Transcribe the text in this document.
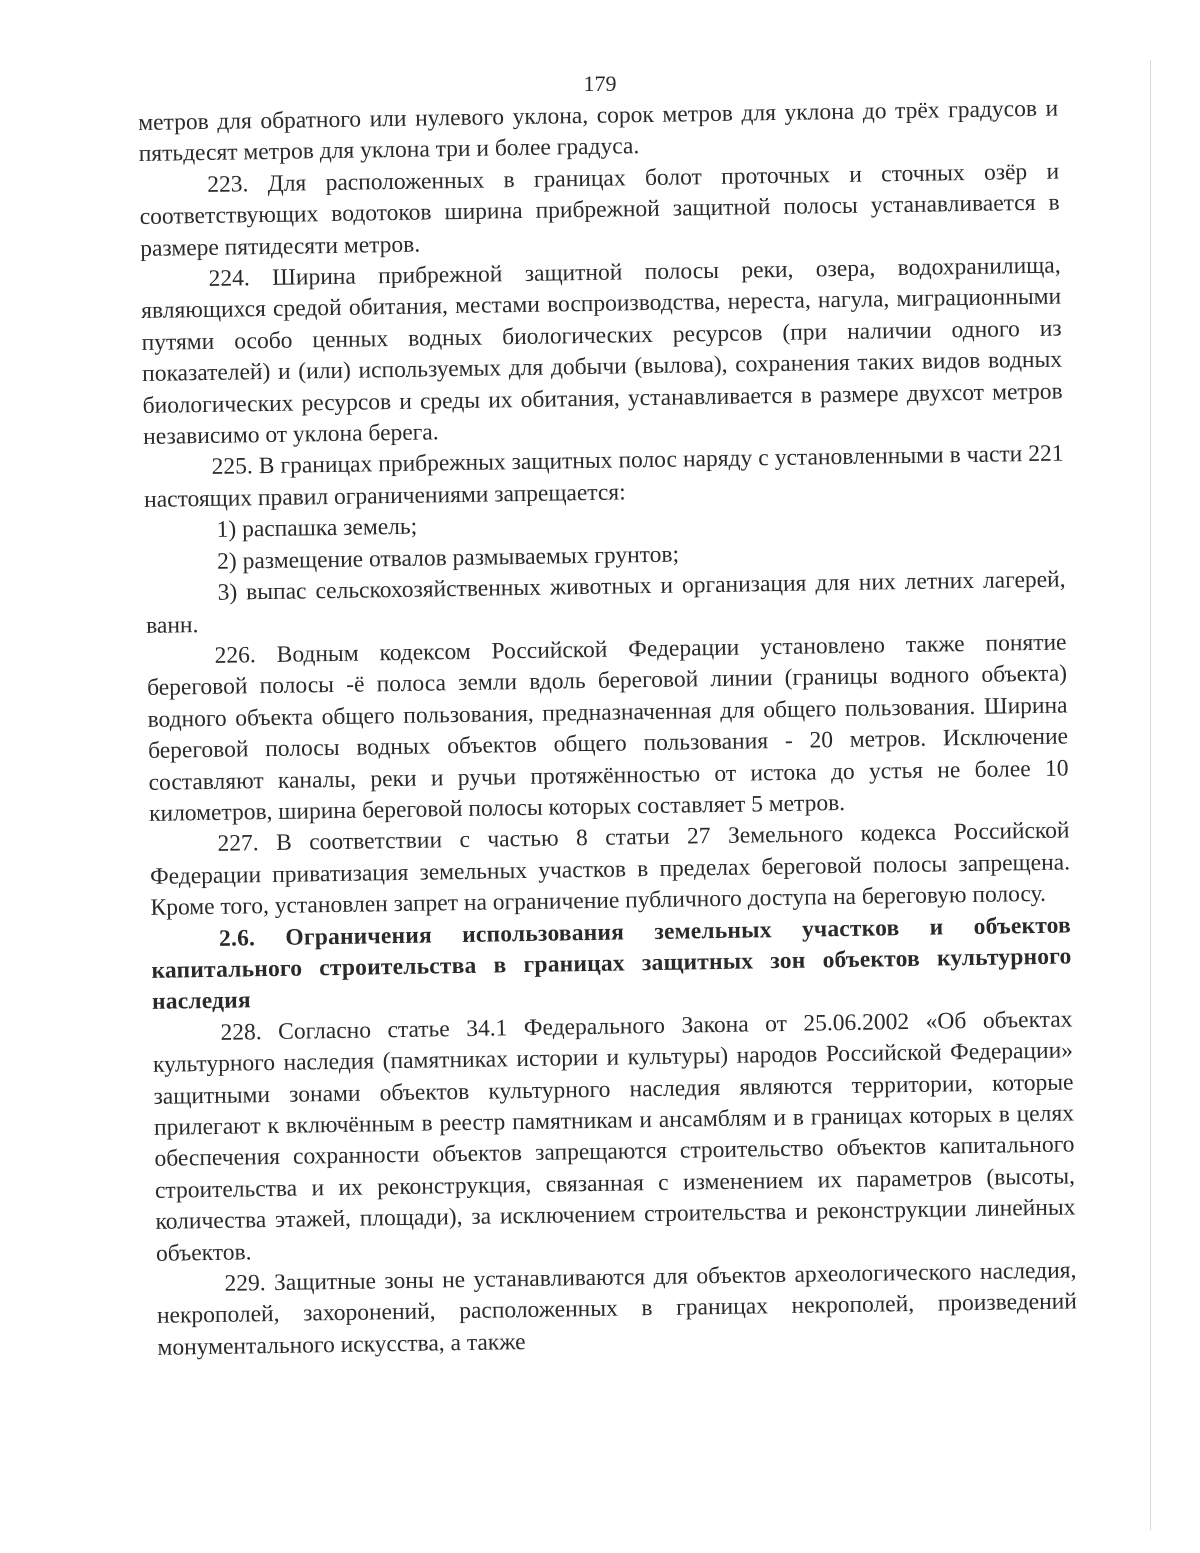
179

метров для обратного или нулевого уклона, сорок метров для уклона до трёх градусов и пятьдесят метров для уклона три и более градуса.

223. Для расположенных в границах болот проточных и сточных озёр и соответствующих водотоков ширина прибрежной защитной полосы устанавливается в размере пятидесяти метров.

224. Ширина прибрежной защитной полосы реки, озера, водохранилища, являющихся средой обитания, местами воспроизводства, нереста, нагула, миграционными путями особо ценных водных биологических ресурсов (при наличии одного из показателей) и (или) используемых для добычи (вылова), сохранения таких видов водных биологических ресурсов и среды их обитания, устанавливается в размере двухсот метров независимо от уклона берега.

225. В границах прибрежных защитных полос наряду с установленными в части 221 настоящих правил ограничениями запрещается:

1) распашка земель;

2) размещение отвалов размываемых грунтов;

3) выпас сельскохозяйственных животных и организация для них летних лагерей, ванн.

226. Водным кодексом Российской Федерации установлено также понятие береговой полосы -ё полоса земли вдоль береговой линии (границы водного объекта) водного объекта общего пользования, предназначенная для общего пользования. Ширина береговой полосы водных объектов общего пользования - 20 метров. Исключение составляют каналы, реки и ручьи протяжённостью от истока до устья не более 10 километров, ширина береговой полосы которых составляет 5 метров.

227. В соответствии с частью 8 статьи 27 Земельного кодекса Российской Федерации приватизация земельных участков в пределах береговой полосы запрещена. Кроме того, установлен запрет на ограничение публичного доступа на береговую полосу.

2.6. Ограничения использования земельных участков и объектов капитального строительства в границах защитных зон объектов культурного наследия

228. Согласно статье 34.1 Федерального Закона от 25.06.2002 «Об объектах культурного наследия (памятниках истории и культуры) народов Российской Федерации» защитными зонами объектов культурного наследия являются территории, которые прилегают к включённым в реестр памятникам и ансамблям и в границах которых в целях обеспечения сохранности объектов запрещаются строительство объектов капитального строительства и их реконструкция, связанная с изменением их параметров (высоты, количества этажей, площади), за исключением строительства и реконструкции линейных объектов.

229. Защитные зоны не устанавливаются для объектов археологического наследия, некрополей, захоронений, расположенных в границах некрополей, произведений монументального искусства, а также
